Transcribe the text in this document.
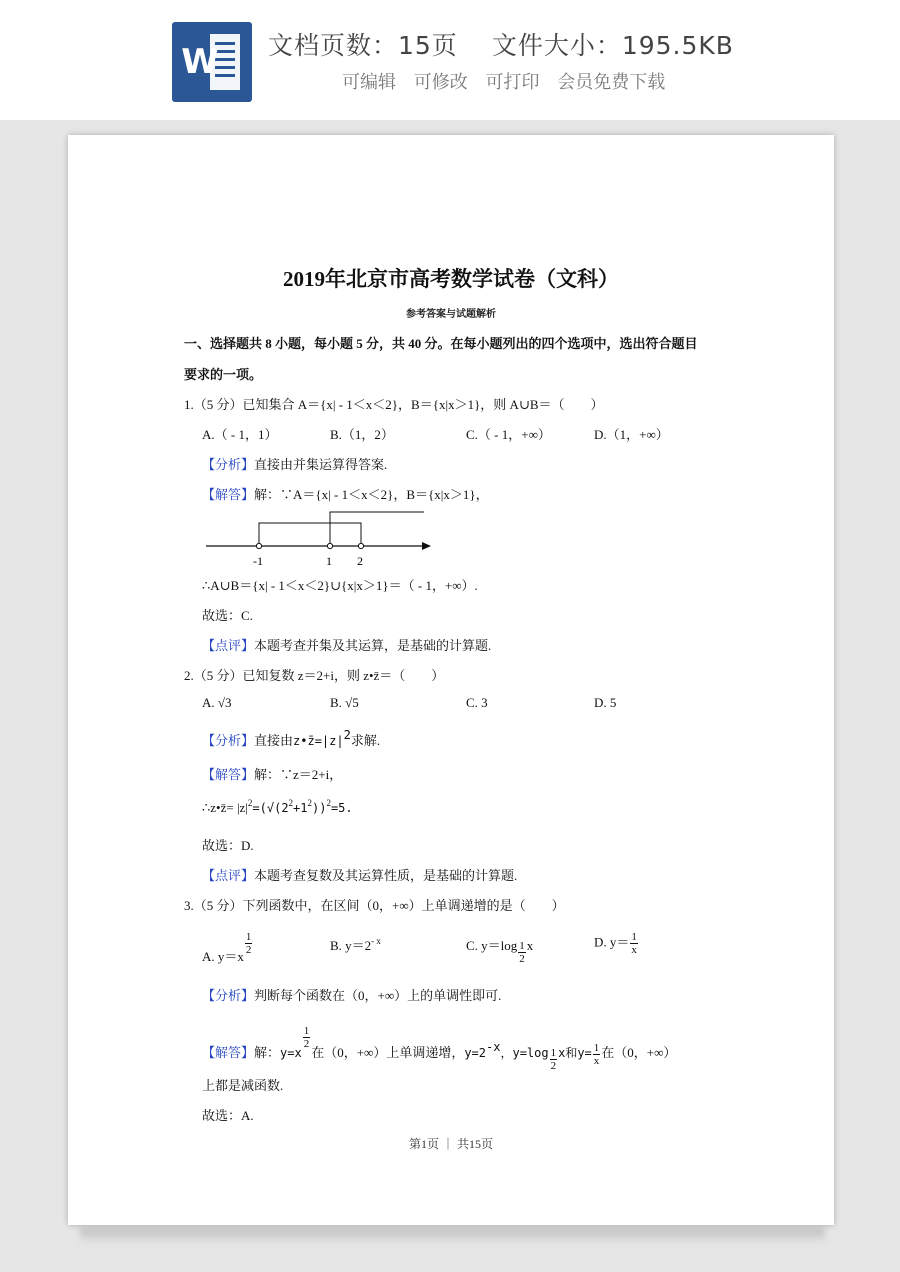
W 文档页数：15页 文件大小：195.5KB
可编辑 可修改 可打印 会员免费下载
2019年北京市高考数学试卷（文科）
参考答案与试题解析
一、选择题共 8 小题，每小题 5 分，共 40 分。在每小题列出的四个选项中，选出符合题目
要求的一项。
1.（5 分）已知集合 A＝{x| - 1＜x＜2}，B＝{x|x＞1}，则 A∪B＝（　　）
A.（ - 1，1）	B.（1，2）	C.（ - 1，+∞）	D.（1，+∞）
【分析】直接由并集运算得答案.
【解答】解：∵A＝{x| - 1＜x＜2}，B＝{x|x＞1}，
-1	1 2
∴A∪B＝{x| - 1＜x＜2}∪{x|x＞1}＝（ - 1，+∞）.
故选：C.
【点评】本题考查并集及其运算，是基础的计算题.
2.（5 分）已知复数 z＝2+i，则 z•z̄＝（　　）
A. √3	B. √5	C. 3	D. 5
【分析】直接由z•z̄=|z|2求解.
【解答】解：∵z＝2+i，
∴z•z̄= $|z|^2=(√(2^2+1^2))^2=5$.
故选：D.
【点评】本题考查复数及其运算性质，是基础的计算题.
3.（5 分）下列函数中，在区间（0，+∞）上单调递增的是（　　）
A. y＝x
$\frac{1}{2}$	B. $y=2^{- x}$	C. $y=\log \frac{1}{2}$ x	D. $y= \frac{1}{x}$
【分析】判断每个函数在（0，+∞）上的单调性即可.
【解答】解：y=x
$\frac{1}{2}$
在（0，+∞）上单调递增，y=2-x，$y=\log \frac{1}{2}$ x和$y= \frac{1}{x}$ 在（0，+∞）
上都是减函数.
故选：A.
第1页 ｜ 共15页
